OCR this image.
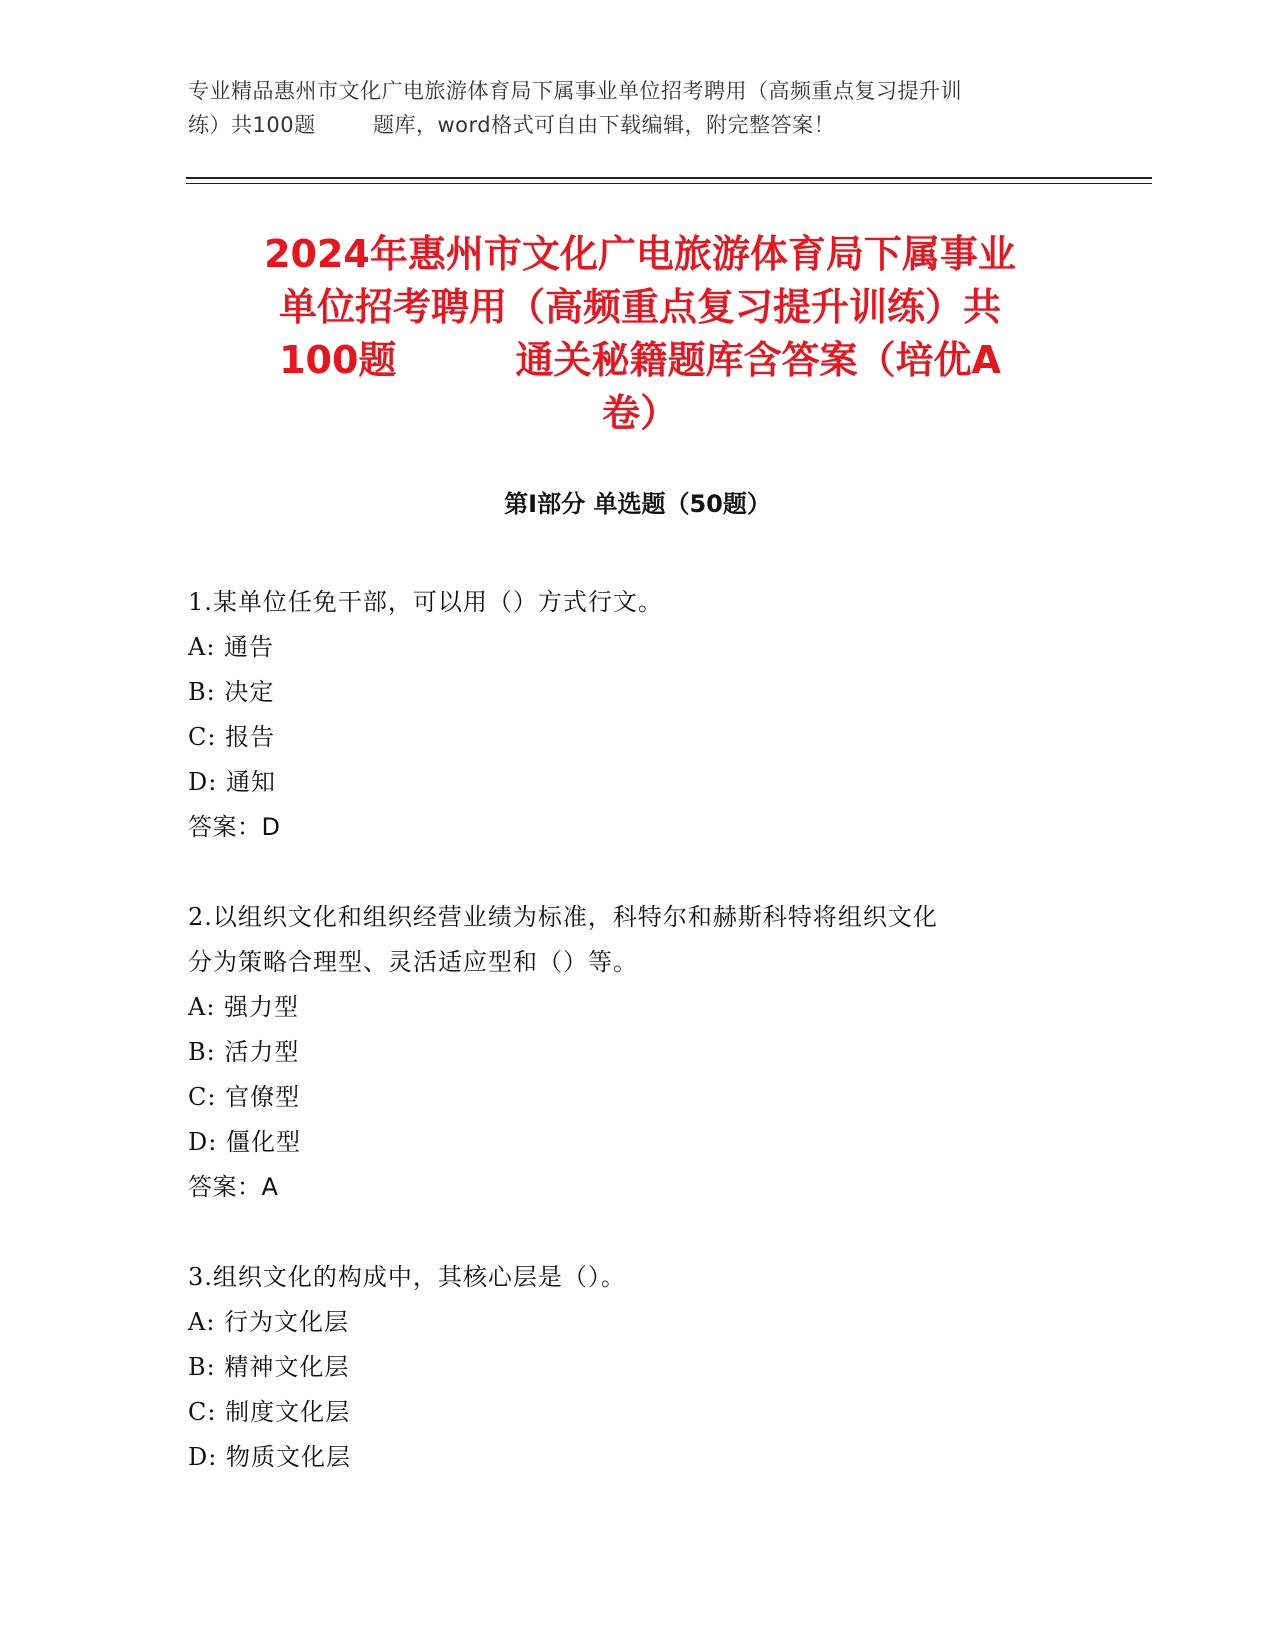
专业精品惠州市文化广电旅游体育局下属事业单位招考聘用（高频重点复习提升训
练）共100题        题库，word格式可自由下载编辑，附完整答案！
2024年惠州市文化广电旅游体育局下属事业
单位招考聘用（高频重点复习提升训练）共
100题         通关秘籍题库含答案（培优A
卷）
第I部分 单选题（50题）
1.某单位任免干部，可以用（）方式行文。
A: 通告
B: 决定
C: 报告
D: 通知
答案：D
2.以组织文化和组织经营业绩为标准，科特尔和赫斯科特将组织文化
分为策略合理型、灵活适应型和（）等。
A: 强力型
B: 活力型
C: 官僚型
D: 僵化型
答案：A
3.组织文化的构成中，其核心层是（）。
A: 行为文化层
B: 精神文化层
C: 制度文化层
D: 物质文化层
